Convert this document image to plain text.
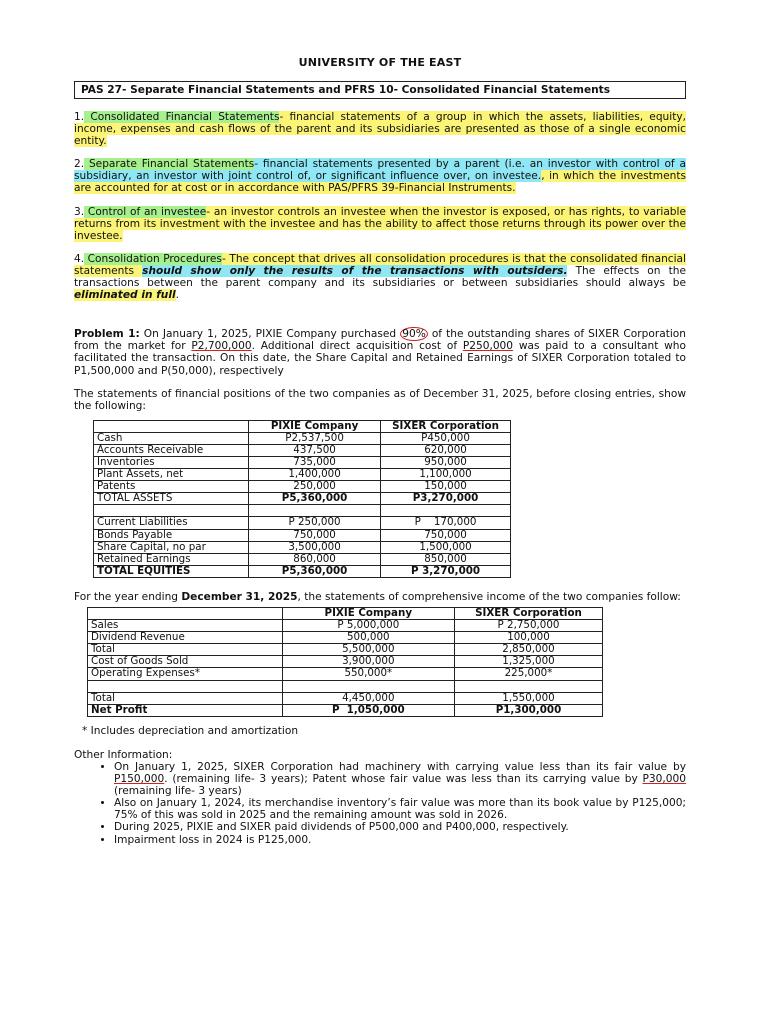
UNIVERSITY OF THE EAST
PAS 27- Separate Financial Statements and PFRS 10- Consolidated Financial Statements

1. Consolidated Financial Statements- financial statements of a group in which the assets, liabilities, equity, income, expenses and cash flows of the parent and its subsidiaries are presented as those of a single economic entity.

2. Separate Financial Statements- financial statements presented by a parent (i.e. an investor with control of a subsidiary, an investor with joint control of, or significant influence over, on investee., in which the investments are accounted for at cost or in accordance with PAS/PFRS 39-Financial Instruments.

3. Control of an investee- an investor controls an investee when the investor is exposed, or has rights, to variable returns from its investment with the investee and has the ability to affect those returns through its power over the investee.

4. Consolidation Procedures- The concept that drives all consolidation procedures is that the consolidated financial statements should show only the results of the transactions with outsiders. The effects on the transactions between the parent company and its subsidiaries or between subsidiaries should always be eliminated in full.

Problem 1: On January 1, 2025, PIXIE Company purchased 90% of the outstanding shares of SIXER Corporation from the market for P2,700,000. Additional direct acquisition cost of P250,000 was paid to a consultant who facilitated the transaction. On this date, the Share Capital and Retained Earnings of SIXER Corporation totaled to P1,500,000 and P(50,000), respectively

The statements of financial positions of the two companies as of December 31, 2025, before closing entries, show the following:

	PIXIE Company	SIXER Corporation
Cash	P2,537,500	P450,000
Accounts Receivable	437,500	620,000
Inventories	735,000	950,000
Plant Assets, net	1,400,000	1,100,000
Patents	250,000	150,000
TOTAL ASSETS	P5,360,000	P3,270,000

Current Liabilities	P 250,000	P    170,000
Bonds Payable	750,000	750,000
Share Capital, no par	3,500,000	1,500,000
Retained Earnings	860,000	850,000
TOTAL EQUITIES	P5,360,000	P 3,270,000

For the year ending December 31, 2025, the statements of comprehensive income of the two companies follow:

	PIXIE Company	SIXER Corporation
Sales	P 5,000,000	P 2,750,000
Dividend Revenue	500,000	100,000
Total	5,500,000	2,850,000
Cost of Goods Sold	3,900,000	1,325,000
Operating Expenses*	550,000*	225,000*

Total	4,450,000	1,550,000
Net Profit	P  1,050,000	P1,300,000

* Includes depreciation and amortization

Other Information:

• On January 1, 2025, SIXER Corporation had machinery with carrying value less than its fair value by P150,000. (remaining life- 3 years); Patent whose fair value was less than its carrying value by P30,000 (remaining life- 3 years)
• Also on January 1, 2024, its merchandise inventory’s fair value was more than its book value by P125,000; 75% of this was sold in 2025 and the remaining amount was sold in 2026.
• During 2025, PIXIE and SIXER paid dividends of P500,000 and P400,000, respectively.
• Impairment loss in 2024 is P125,000.
